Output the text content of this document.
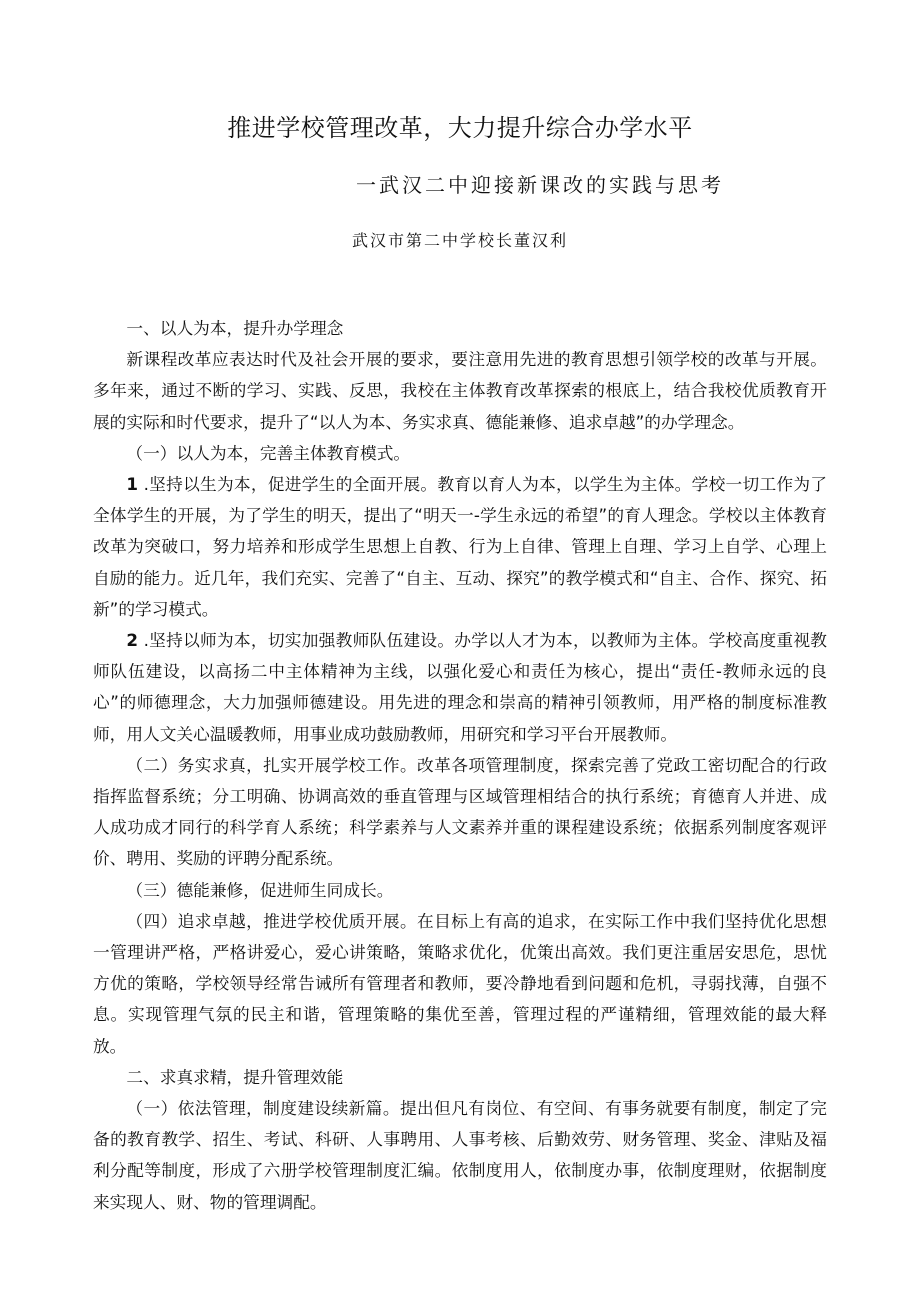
推进学校管理改革，大力提升综合办学水平
一武汉二中迎接新课改的实践与思考
武汉市第二中学校长董汉利

一、以人为本，提升办学理念

新课程改革应表达时代及社会开展的要求，要注意用先进的教育思想引领学校的改革与开展。多年来，通过不断的学习、实践、反思，我校在主体教育改革探索的根底上，结合我校优质教育开展的实际和时代要求，提升了“以人为本、务实求真、德能兼修、追求卓越”的办学理念。

（一）以人为本，完善主体教育模式。

1 .坚持以生为本，促进学生的全面开展。教育以育人为本，以学生为主体。学校一切工作为了全体学生的开展，为了学生的明天，提出了“明天一-学生永远的希望”的育人理念。学校以主体教育改革为突破口，努力培养和形成学生思想上自教、行为上自律、管理上自理、学习上自学、心理上自励的能力。近几年，我们充实、完善了“自主、互动、探究”的教学模式和“自主、合作、探究、拓新”的学习模式。

2 .坚持以师为本，切实加强教师队伍建设。办学以人才为本，以教师为主体。学校高度重视教师队伍建设，以高扬二中主体精神为主线，以强化爱心和责任为核心，提出“责任-教师永远的良心”的师德理念，大力加强师德建设。用先进的理念和崇高的精神引领教师，用严格的制度标准教师，用人文关心温暖教师，用事业成功鼓励教师，用研究和学习平台开展教师。

（二）务实求真，扎实开展学校工作。改革各项管理制度，探索完善了党政工密切配合的行政指挥监督系统；分工明确、协调高效的垂直管理与区域管理相结合的执行系统；育德育人并进、成人成功成才同行的科学育人系统；科学素养与人文素养并重的课程建设系统；依据系列制度客观评价、聘用、奖励的评聘分配系统。

（三）德能兼修，促进师生同成长。

（四）追求卓越，推进学校优质开展。在目标上有高的追求，在实际工作中我们坚持优化思想一管理讲严格，严格讲爱心，爱心讲策略，策略求优化，优策出高效。我们更注重居安思危，思忧方优的策略，学校领导经常告诫所有管理者和教师，要冷静地看到问题和危机，寻弱找薄，自强不息。实现管理气氛的民主和谐，管理策略的集优至善，管理过程的严谨精细，管理效能的最大释放。

二、求真求精，提升管理效能

（一）依法管理，制度建设续新篇。提出但凡有岗位、有空间、有事务就要有制度，制定了完备的教育教学、招生、考试、科研、人事聘用、人事考核、后勤效劳、财务管理、奖金、津贴及福利分配等制度，形成了六册学校管理制度汇编。依制度用人，依制度办事，依制度理财，依据制度来实现人、财、物的管理调配。
